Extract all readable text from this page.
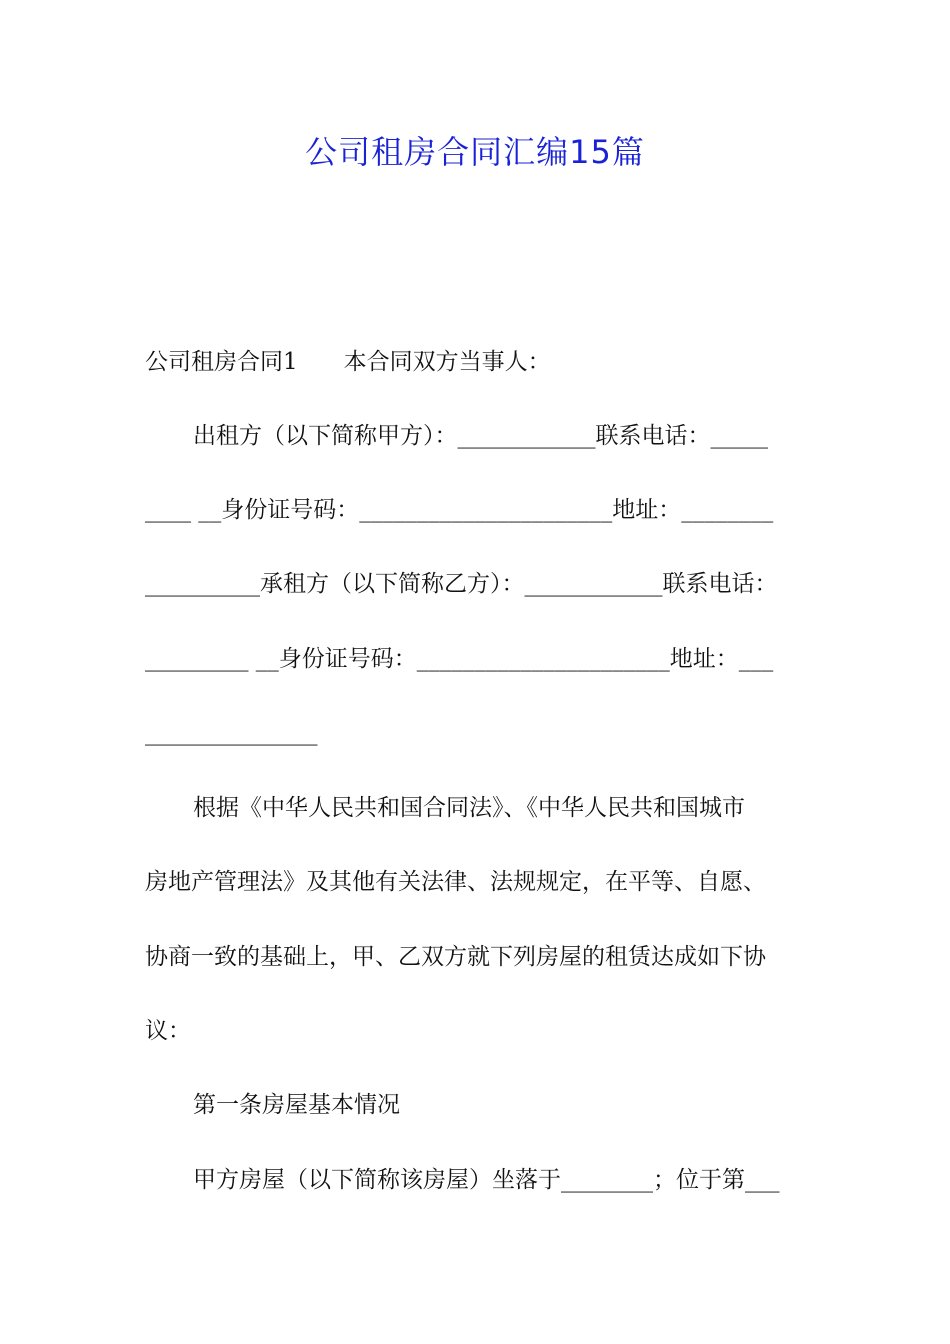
公司租房合同汇编15篇

公司租房合同1　　本合同双方当事人：

出租方（以下简称甲方）：____________联系电话：_____

____ __身份证号码：______________________地址：________

__________承租方（以下简称乙方）：____________联系电话：

_________ __身份证号码：______________________地址：___

_______________

根据《中华人民共和国合同法》、《中华人民共和国城市

房地产管理法》及其他有关法律、法规规定，在平等、自愿、

协商一致的基础上，甲、乙双方就下列房屋的租赁达成如下协

议：

第一条房屋基本情况

甲方房屋（以下简称该房屋）坐落于________；位于第___
